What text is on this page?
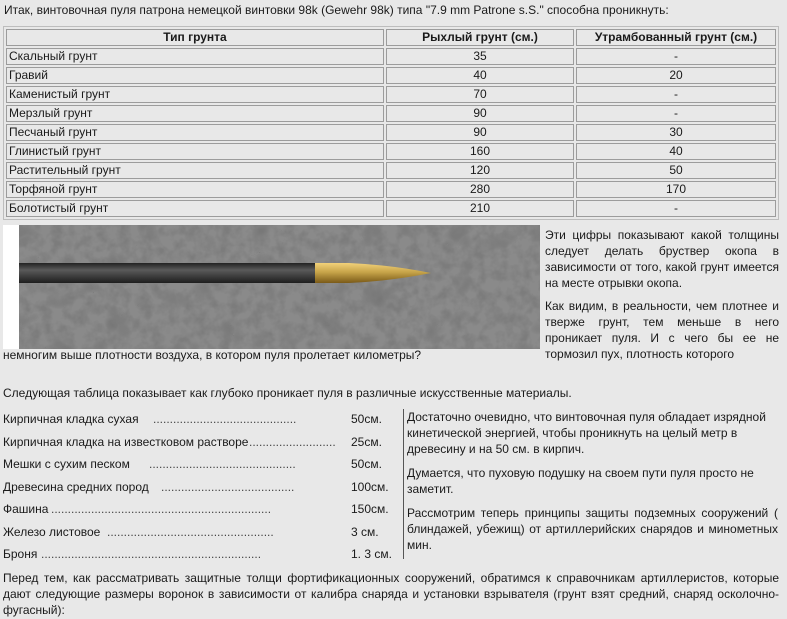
Итак, винтовочная пуля патрона немецкой винтовки 98k (Gewehr 98k) типа "7.9 mm Patrone s.S." способна проникнуть:
Тип грунта	Рыхлый грунт (см.)	Утрамбованный грунт (см.)
Скальный грунт	35	-
Гравий	40	20
Каменистый грунт	70	-
Мерзлый грунт	90	-
Песчаный грунт	90	30
Глинистый грунт	160	40
Растительный грунт	120	50
Торфяной грунт	280	170
Болотистый грунт	210	-

Эти цифры показывают какой толщины следует делать бруствер окопа в зависимости от того, какой грунт имеется на месте отрывки окопа.

Как видим, в реальности, чем плотнее и тверже грунт, тем меньше в него проникает пуля. И с чего бы ее не тормозил пух, плотность которого

немногим выше плотности воздуха, в котором пуля пролетает километры?
Следующая таблица показывает как глубоко проникает пуля в различные искусственные материалы.
Кирпичная кладка сухая ...........................................	50см.
Кирпичная кладка на известковом растворе .......................... 25см.
Мешки с сухим песком ............................................	50см.
Древесина средних пород ........................................	100см.
Фашина ..................................................................	150см.
Железо листовое ..................................................	3 см.
Броня ..................................................................	1. 3 см.

Достаточно очевидно, что винтовочная пуля обладает изрядной кинетической энергией, чтобы проникнуть на целый метр в древесину и на 50 см. в кирпич.

Думается, что пуховую подушку на своем пути пуля просто не заметит.

Рассмотрим теперь принципы защиты подземных сооружений ( блиндажей, убежищ) от артиллерийских снарядов и минометных мин.

Перед тем, как рассматривать защитные толщи фортификационных сооружений, обратимся к справочникам артиллеристов, которые дают следующие размеры воронок в зависимости от калибра снаряда и установки взрывателя (грунт взят средний, снаряд осколочно-фугасный):
